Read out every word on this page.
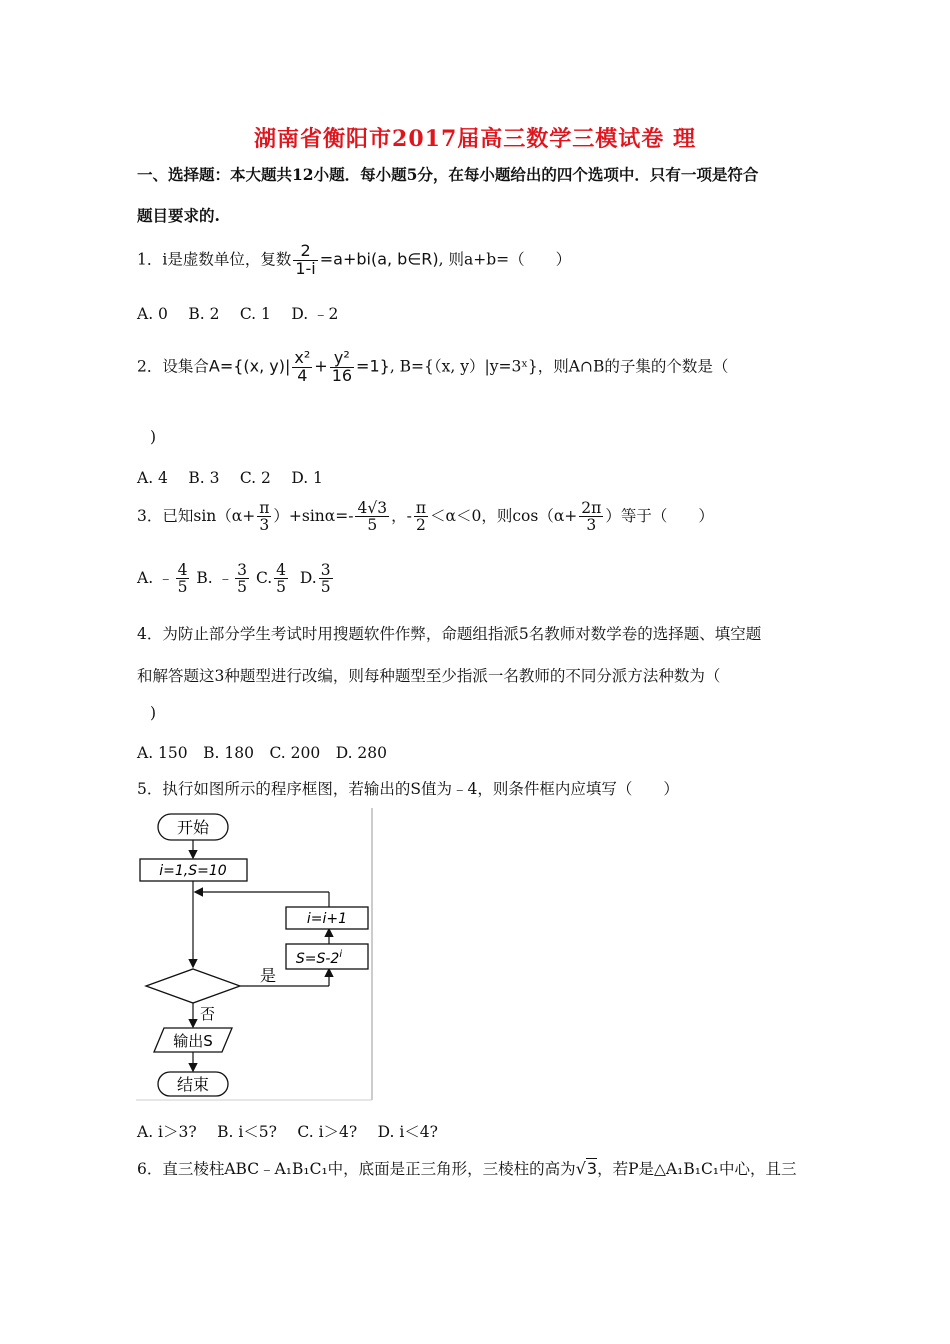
湖南省衡阳市2017届高三数学三模试卷 理
一、选择题：本大题共12小题．每小题5分，在每小题给出的四个选项中．只有一项是符合
题目要求的.
1．i是虚数单位，复数 $\frac{2}{1-i} =a+bi(a$, b∈R), 则a+b=（　　）
A. 0　 B. 2　 C. 1　 D. ﹣2
2．设集合A={(x, $y)| \frac{\text{x²}}{4} + \frac{\text{y²}}{16} =1$}, B={（x, y）|y=3ˣ}，则A∩B的子集的个数是（
)
A. 4　 B. 3　 C. 2　 D. 1
3．已知$\sin(\alpha+ \frac{\pi}{3} )+\sin\alpha=- \frac{4√3}{5}$ ，- $\frac{\pi}{2} <\alpha<0$，则$\cos(\alpha+ \frac{2\pi}{3}$ ）等于（　　）
A. ﹣ $\frac{4}{5} B$. ﹣ $\frac{3}{5} C$. $\frac{4}{5} D$. $\frac{3}{5}$
4．为防止部分学生考试时用搜题软件作弊，命题组指派5名教师对数学卷的选择题、填空题
和解答题这3种题型进行改编，则每种题型至少指派一名教师的不同分派方法种数为（
)
A. 150　B. 180　C. 200　D. 280
5．执行如图所示的程序框图，若输出的S值为﹣4，则条件框内应填写（　　）
开始
i=1,S=10
是
$S=S-2^i$
i=i+1
否
输出S
结束
A. i＞3?　 B. i＜5?　 C. i＞4?　 D. i＜4?
6．直三棱柱ABC﹣A₁B₁C₁中，底面是正三角形，三棱柱的高为√3，若P是△A₁B₁C₁中心，且三
